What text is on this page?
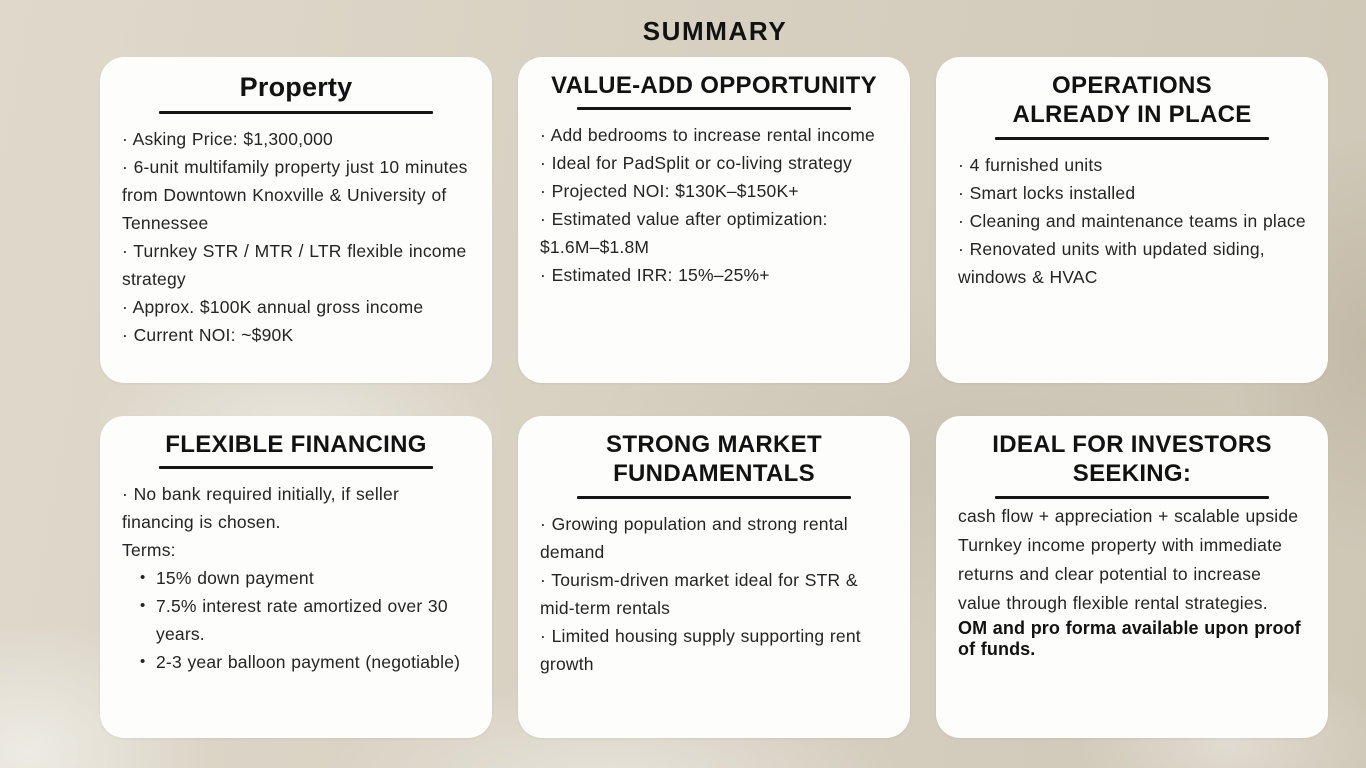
SUMMARY
Property

· Asking Price: $1,300,000

· 6-unit multifamily property just 10 minutes from Downtown Knoxville & University of Tennessee

· Turnkey STR / MTR / LTR flexible income strategy

· Approx. $100K annual gross income

· Current NOI: ~$90K

VALUE-ADD OPPORTUNITY

· Add bedrooms to increase rental income

· Ideal for PadSplit or co-living strategy

· Projected NOI: $130K–$150K+

· Estimated value after optimization: $1.6M–$1.8M

· Estimated IRR: 15%–25%+

OPERATIONS
ALREADY IN PLACE

· 4 furnished units

· Smart locks installed

· Cleaning and maintenance teams in place

· Renovated units with updated siding, windows & HVAC

FLEXIBLE FINANCING

· No bank required initially, if seller financing is chosen.

Terms:

• 15% down payment
• 7.5% interest rate amortized over 30 years.
• 2-3 year balloon payment (negotiable)
STRONG MARKET
FUNDAMENTALS

· Growing population and strong rental demand

· Tourism-driven market ideal for STR & mid-term rentals

· Limited housing supply supporting rent growth

IDEAL FOR INVESTORS
SEEKING:

cash flow + appreciation + scalable upside

Turnkey income property with immediate returns and clear potential to increase value through flexible rental strategies.

OM and pro forma available upon proof of funds.
